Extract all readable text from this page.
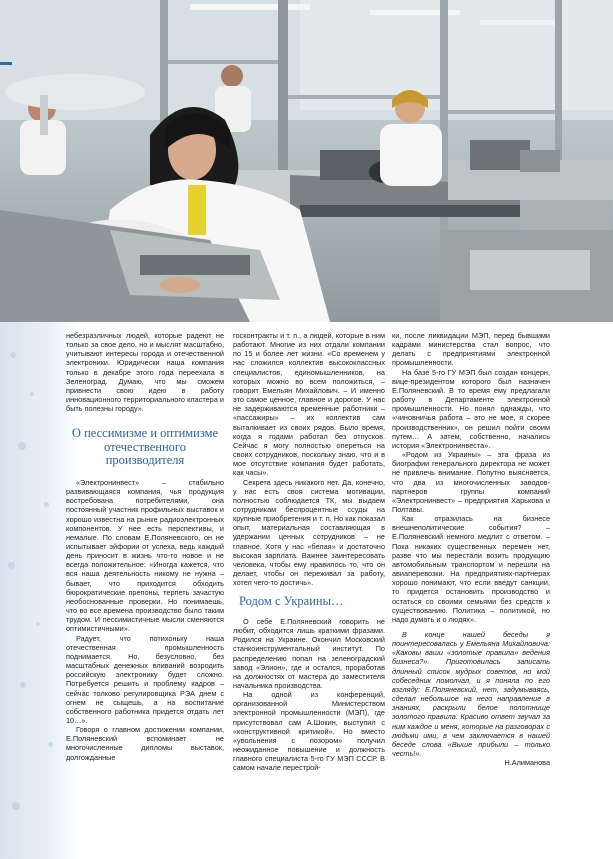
небезразличных людей, которые радеют не только за свое дело, но и мыслят масштабно, учитывают интересы города и отечественной электроники. Юридически наша компания только в декабре этого года переехала в Зеленоград. Думаю, что мы сможем привнести свою идею в работу инновационного территориального кластера и быть полезны городу».

О пессимизме и оптимизме отечественного производителя

«Электронинвест» – стабильно развивающаяся компания, чья продукция востребована потребителями, она постоянный участник профильных выставок и хорошо известна на рынке радиоэлектронных компонентов. У нее есть перспективы, и немалые. По словам Е.Поляневского, он не испытывает эйфории от успеха, ведь каждый день приносит в жизнь что-то новое и не всегда положительное: «Иногда кажется, что вся наша деятельность никому не нужна – бывает, что приходится обходить бюрократические препоны, терпеть зачастую необоснованные проверки. Но понимаешь, что во все времена производство было таким трудом. И пессимистичные мысли сменяются оптимистичными».

Радует, что потихоньку наша отечественная промышленность поднимается. Но, безусловно, без масштабных денежных вливаний возродить российскую электронику будет сложно. Потребуется решить и проблему кадров – сейчас толково регулировщика РЭА днем с огнем не сыщешь, а на воспитание собственного работника придется отдать лет 10…».

Говоря о главном достижении компании, Е.Поляневский вспоминает не многочисленные дипломы выставок, долгожданные

госконтракты и т. п., а людей, которые в ним работают. Многие из них отдали компании по 15 и более лет жизни. «Со временем у нас сложился коллектив высококлассных специалистов, единомышленников, на которых можно во всем положиться, – говорит Емельян Михайлович. – И именно это самое ценное, главное и дорогое. У нас не задерживаются временные работники – «пассажиры» – их коллектив сам выталкивает из своих рядов. Было время, когда я годами работал без отпусков. Сейчас я могу полностью опереться на своих сотрудников, поскольку знаю, что и в мое отсутствие компания будет работать, как часы».

Секрета здесь никакого нет. Да, конечно, у нас есть своя система мотивации, полностью соблюдается ТК, мы выдаем сотрудникам беспроцентные ссуды на крупные приобретения и т. п. Но как показал опыт, материальная составляющая в удержании ценных сотрудников – не главное. Хотя у нас «белая» и достаточно высокая зарплата. Важнее заинтересовать человека, чтобы ему нравилось то, что он делает, чтобы он переживал за работу, хотел чего-то достичь».

Родом с Украины…

О себе Е.Поляневский говорить не любит, обходится лишь краткими фразами. Родился на Украине. Окончил Московский станкоинструментальный институт. По распределению попал на зеленоградский завод «Элион», где и остался, проработав на должностях от мастера до заместителя начальника производства.

На одной из конференций, организованной Министерством электронной промышленности (МЭП), где присутствовал сам А.Шокин, выступил с «конструктивной критикой». Но вместо «увольнения с позором» получил неожиданное повышение и должность главного специалиста 5-го ГУ МЭП СССР. В самом начале перестрой-

ки, после ликвидации МЭП, перед бывшими кадрами министерства стал вопрос, что делать с предприятиями электронной промышленности.

На базе 5-го ГУ МЭП был создан концерн, вице-президентом которого был назначен Е.Поляневский. В то время ему предлагали работу в Департаменте электронной промышленности. Но понял однажды, что «чиновничья работа – это не мое, я скорее производственник», он решил пойти своим путем… А затем, собственно, начались история «Электронинвеста».

«Родом из Украины» – эта фраза из биографии генерального директора не может не привлечь внимание. Попутно выясняется, что два из многочисленных заводов-партнеров группы компаний «Электронинвест» – предприятия Харькова и Полтавы.

Как отразилась на бизнесе внешнеполитические события? – Е.Поляневский немного медлит с ответом. – Пока никаких существенных перемен нет, разве что мы перестали возить продукцию автомобильным транспортом и перешли на авиаперевозки. На предприятиях-партнерах хорошо понимают, что если введут санкции, то придется остановить производство и остаться со своими семьями без средств к существованию. Политика – политикой, но надо думать и о людях».

В конце нашей беседы я поинтересовалась у Емельяна Михайловича: «Каковы ваши «золотые правила» ведения бизнеса?». Приготовилась записать длинный список мудрых советов, но мой собеседник помолчал, и я поняла по его взгляду: Е.Поляневский, нет, задумываясь, сделал небольшое на него направление в знаниях, раскрыли белое полотнище золотого правила. Красиво ответ звучал за ним каждое и меня, которые на разговорах с людьми ими, в чем заключается в нашей беседе слова «Выше прибыли – только честь!».

Н.Алиманова
